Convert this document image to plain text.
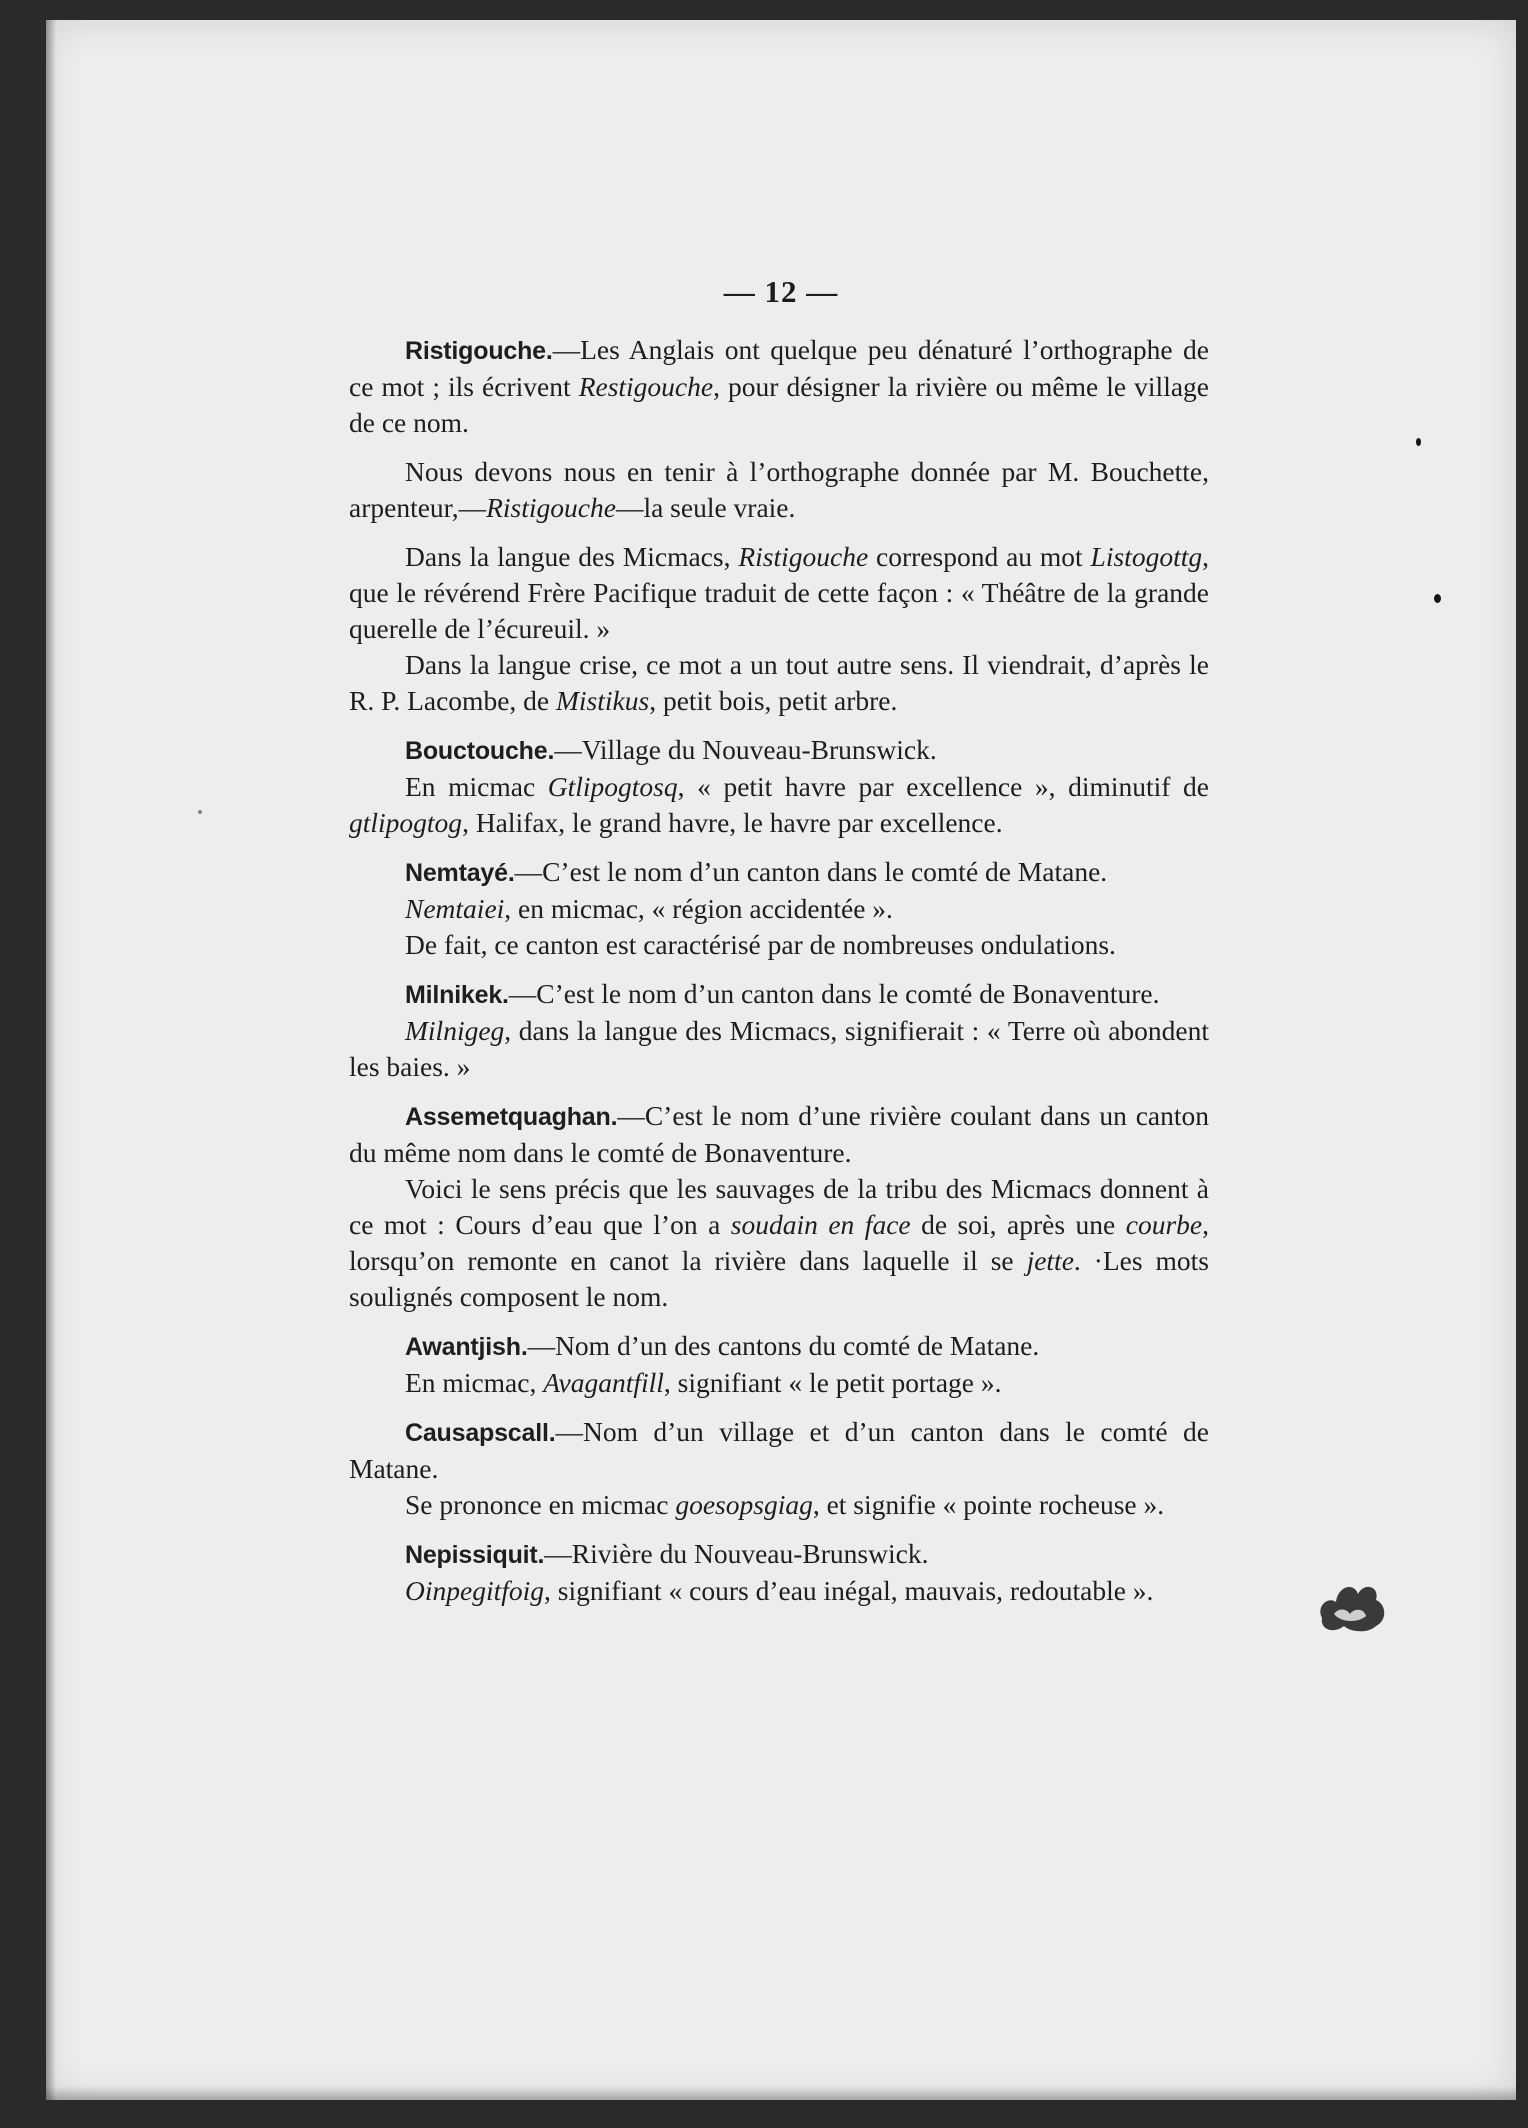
— 12 —

Ristigouche.—Les Anglais ont quelque peu dénaturé l’orthographe de ce mot ; ils écrivent Restigouche, pour désigner la rivière ou même le village de ce nom.

Nous devons nous en tenir à l’orthographe donnée par M. Bouchette, arpenteur,—Ristigouche—la seule vraie.

Dans la langue des Micmacs, Ristigouche correspond au mot Listogottg, que le révérend Frère Pacifique traduit de cette façon : « Théâtre de la grande querelle de l’écureuil. »

Dans la langue crise, ce mot a un tout autre sens. Il viendrait, d’après le R. P. Lacombe, de Mistikus, petit bois, petit arbre.

Bouctouche.—Village du Nouveau-Brunswick.

En micmac Gtlipogtosq, « petit havre par excellence », diminutif de gtlipogtog, Halifax, le grand havre, le havre par excellence.

Nemtayé.—C’est le nom d’un canton dans le comté de Matane.

Nemtaiei, en micmac, « région accidentée ».

De fait, ce canton est caractérisé par de nombreuses ondulations.

Milnikek.—C’est le nom d’un canton dans le comté de Bonaventure.

Milnigeg, dans la langue des Micmacs, signifierait : « Terre où abondent les baies. »

Assemetquaghan.—C’est le nom d’une rivière coulant dans un canton du même nom dans le comté de Bonaventure.

Voici le sens précis que les sauvages de la tribu des Micmacs donnent à ce mot : Cours d’eau que l’on a soudain en face de soi, après une courbe, lorsqu’on remonte en canot la rivière dans laquelle il se jette. ·Les mots soulignés composent le nom.

Awantjish.—Nom d’un des cantons du comté de Matane.

En micmac, Avagantfill, signifiant « le petit portage ».

Causapscall.—Nom d’un village et d’un canton dans le comté de Matane.

Se prononce en micmac goesopsgiag, et signifie « pointe rocheuse ».

Nepissiquit.—Rivière du Nouveau-Brunswick.

Oinpegitfoig, signifiant « cours d’eau inégal, mauvais, redoutable ».
